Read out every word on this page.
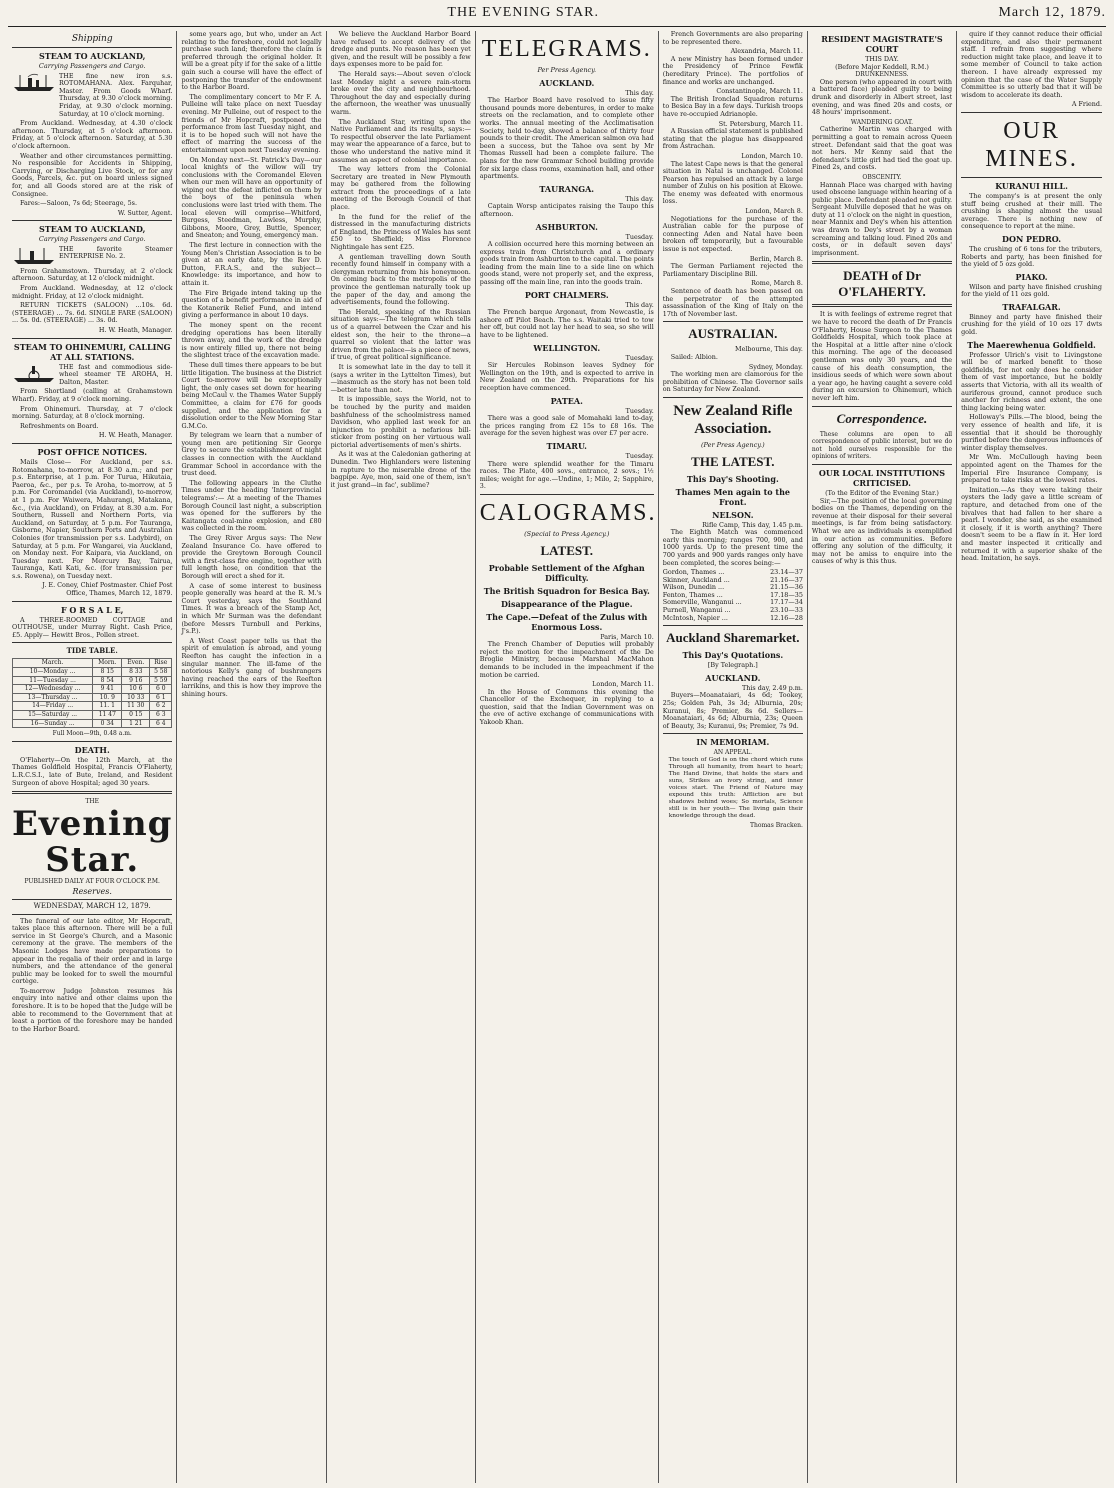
THE EVENING STAR.	March 12, 1879.
Shipping
STEAM TO AUCKLAND,
Carrying Passengers and Cargo.
THE fine new iron s.s. ROTOMAHANA. Alex. Farquhar, Master. From Goods Wharf. Thursday, at 9.30 o'clock morning. Friday, at 9.30 o'clock morning. Saturday, at 10 o'clock morning.

From Auckland. Wednesday, at 4.30 o'clock afternoon. Thursday, at 5 o'clock afternoon. Friday, at 5 o'clock afternoon. Saturday, at 5.30 o'clock afternoon.

Weather and other circumstances permitting. No responsible for Accidents in Shipping, Carrying, or Discharging Live Stock, or for any Goods, Parcels, &c. put on board unless signed for, and all Goods stored are at the risk of Consignee.

Fares:—Saloon, 7s 6d; Steerage, 5s.

W. Sutter, Agent.

STEAM TO AUCKLAND,
Carrying Passengers and Cargo.
THE favorite Steamer ENTERPRISE No. 2.

From Grahamstown. Thursday, at 2 o'clock afternoon. Saturday, at 12 o'clock midnight.

From Auckland. Wednesday, at 12 o'clock midnight. Friday, at 12 o'clock midnight.

RETURN TICKETS (SALOON) ...10s. 6d. (STEERAGE) ... 7s. 6d. SINGLE FARE (SALOON) ... 5s. 0d. (STEERAGE) ... 3s. 0d.

H. W. Heath, Manager.

STEAM TO OHINEMURI, CALLING AT ALL STATIONS.
THE fast and commodious side-wheel steamer TE AROHA, H. Dalton, Master.

From Shortland (calling at Grahamstown Wharf). Friday, at 9 o'clock morning.

From Ohinemuri. Thursday, at 7 o'clock morning. Saturday, at 8 o'clock morning.

Refreshments on Board.

H. W. Heath, Manager.

POST OFFICE NOTICES.

Mails Close— For Auckland, per s.s. Rotomahana, to-morrow, at 8.30 a.m.; and per p.s. Enterprise, at 1 p.m. For Turua, Hikutaia, Paeroa, &c., per p.s. Te Aroha, to-morrow, at 5 p.m. For Coromandel (via Auckland), to-morrow, at 1 p.m. For Waiwera, Mahurangi, Matakana, &c., (via Auckland), on Friday, at 8.30 a.m. For Southern, Russell and Northern Ports, via Auckland, on Saturday, at 5 p.m. For Tauranga, Gisborne, Napier, Southern Ports and Australian Colonies (for transmission per s.s. Ladybird), on Saturday, at 5 p.m. For Wangarei, via Auckland, on Monday next. For Kaipara, via Auckland, on Tuesday next. For Mercury Bay, Tairua, Tauranga, Kati Kati, &c. (for transmission per s.s. Rowena), on Tuesday next.

J. E. Coney, Chief Postmaster. Chief Post Office, Thames, March 12, 1879.

F O R S A L E,

A THREE-ROOMED COTTAGE and OUTHOUSE, under Murray Right. Cash Price, £5. Apply— Hewitt Bros., Pollen street.

TIDE TABLE.
March.	Morn.	Even.	Rise
10—Monday ...	8 15	8 33	5 58
11—Tuesday ...	8 54	9 16	5 59
12—Wednesday ...	9 41	10 6	6 0
13—Thursday ...	10. 9	10 33	6 1
14—Friday ...	11. 1	11 30	6 2
15—Saturday ...	11 47	0 15	6 3
16—Sunday ...	0 34	1 21	6 4
Full Moon—9th, 0.48 a.m.
DEATH.

O'Flaherty—On the 12th March, at the Thames Goldfield Hospital, Francis O'Flaherty, L.R.C.S.I., late of Bute, Ireland, and Resident Surgeon of above Hospital; aged 30 years.

THE
Evening Star.
PUBLISHED DAILY AT FOUR O'CLOCK P.M.
Reserves.
WEDNESDAY, MARCH 12, 1879.

The funeral of our late editor, Mr Hopcraft, takes place this afternoon. There will be a full service in St George's Church, and a Masonic ceremony at the grave. The members of the Masonic Lodges have made preparations to appear in the regalia of their order and in large numbers, and the attendance of the general public may be looked for to swell the mournful cortège.

To-morrow Judge Johnston resumes his enquiry into native and other claims upon the foreshore. It is to be hoped that the Judge will be able to recommend to the Government that at least a portion of the foreshore may be handed to the Harbor Board.

some years ago, but who, under an Act relating to the foreshore, could not legally purchase such land; therefore the claim is preferred through the original holder. It will be a great pity if for the sake of a little gain such a course will have the effect of postponing the transfer of the endowment to the Harbor Board.

The complimentary concert to Mr F. A. Pulleine will take place on next Tuesday evening. Mr Pulleine, out of respect to the friends of Mr Hopcraft, postponed the performance from last Tuesday night, and it is to be hoped such will not have the effect of marring the success of the entertainment upon next Tuesday evening.

On Monday next—St. Patrick's Day—our local knights of the willow will try conclusions with the Coromandel Eleven when our men will have an opportunity of wiping out the defeat inflicted on them by the boys of the peninsula when conclusions were last tried with them. The local eleven will comprise—Whitford, Burgess, Steedman, Lawless, Murphy, Gibbons, Moore, Grey, Buttle, Spencer, and Sneaton; and Young, emergency man.

The first lecture in connection with the Young Men's Christian Association is to be given at an early date, by the Rev D. Dutton, F.R.A.S., and the subject—Knowledge: its importance, and how to attain it.

The Fire Brigade intend taking up the question of a benefit performance in aid of the Kotanerik Relief Fund, and intend giving a performance in about 10 days.

The money spent on the recent dredging operations has been literally thrown away, and the work of the dredge is now entirely filled up, there not being the slightest trace of the excavation made.

These dull times there appears to be but little litigation. The business at the District Court to-morrow will be exceptionally light, the only cases set down for hearing being McCaul v. the Thames Water Supply Committee, a claim for £76 for goods supplied, and the application for a dissolution order to the New Morning Star G.M.Co.

By telegram we learn that a number of young men are petitioning Sir George Grey to secure the establishment of night classes in connection with the Auckland Grammar School in accordance with the trust deed.

The following appears in the Cluthe Times under the heading 'Interprovincial telegrams':— At a meeting of the Thames Borough Council last night, a subscription was opened for the sufferers by the Kaitangata coal-mine explosion, and £80 was collected in the room.

The Grey River Argus says: The New Zealand Insurance Co. have offered to provide the Greytown Borough Council with a first-class fire engine, together with full length hose, on condition that the Borough will erect a shed for it.

A case of some interest to business people generally was heard at the R. M.'s Court yesterday, says the Southland Times. It was a breach of the Stamp Act, in which Mr Surman was the defendant (before Messrs Turnbull and Perkins, J's.P.).

A West Coast paper tells us that the spirit of emulation is abroad, and young Reefton has caught the infection in a singular manner. The ill-fame of the notorious Kelly's gang of bushrangers having reached the ears of the Reefton larrikins, and this is how they improve the shining hours.

We believe the Auckland Harbor Board have refused to accept delivery of the dredge and punts. No reason has been yet given, and the result will be possibly a few days expenses more to be paid for.

The Herald says:—About seven o'clock last Monday night a severe rain-storm broke over the city and neighbourhood. Throughout the day and especially during the afternoon, the weather was unusually warm.

The Auckland Star, writing upon the Native Parliament and its results, says:—To respectful observer the late Parliament may wear the appearance of a farce, but to those who understand the native mind it assumes an aspect of colonial importance.

The way letters from the Colonial Secretary are treated in New Plymouth may be gathered from the following extract from the proceedings of a late meeting of the Borough Council of that place.

In the fund for the relief of the distressed in the manufacturing districts of England, the Princess of Wales has sent £50 to Sheffield; Miss Florence Nightingale has sent £25.

A gentleman travelling down South recently found himself in company with a clergyman returning from his honeymoon. On coming back to the metropolis of the province the gentleman naturally took up the paper of the day, and among the advertisements, found the following.

The Herald, speaking of the Russian situation says:—The telegram which tells us of a quarrel between the Czar and his eldest son, the heir to the throne—a quarrel so violent that the latter was driven from the palace—is a piece of news, if true, of great political significance.

It is somewhat late in the day to tell it (says a writer in the Lyttelton Times), but—inasmuch as the story has not been told—better late than not.

It is impossible, says the World, not to be touched by the purity and maiden bashfulness of the schoolmistress named Davidson, who applied last week for an injunction to prohibit a nefarious bill-sticker from posting on her virtuous wall pictorial advertisements of men's shirts.

As it was at the Caledonian gathering at Dunedin. Two Highlanders were listening in rapture to the miserable drone of the bagpipe. Aye, mon, said one of them, isn't it just grand—in fac', sublime?

TELEGRAMS.
Per Press Agency.
AUCKLAND.
This day.

The Harbor Board have resolved to issue fifty thousand pounds more debentures, in order to make streets on the reclamation, and to complete other works. The annual meeting of the Acclimatisation Society, held to-day, showed a balance of thirty four pounds to their credit. The American salmon ova had been a success, but the Tahoe ova sent by Mr Thomas Russell had been a complete failure. The plans for the new Grammar School building provide for six large class rooms, examination hall, and other apartments.

TAURANGA.
This day.

Captain Worsp anticipates raising the Taupo this afternoon.

ASHBURTON.
Tuesday.

A collision occurred here this morning between an express train from Christchurch and a ordinary goods train from Ashburton to the capital. The points leading from the main line to a side line on which goods stand, were not properly set, and the express, passing off the main line, ran into the goods train.

PORT CHALMERS.
This day.

The French barque Argonaut, from Newcastle, is ashore off Pilot Beach. The s.s. Waitaki tried to tow her off, but could not lay her head to sea, so she will have to be lightened.

WELLINGTON.
Tuesday.

Sir Hercules Robinson leaves Sydney for Wellington on the 19th, and is expected to arrive in New Zealand on the 29th. Preparations for his reception have commenced.

PATEA.
Tuesday.

There was a good sale of Momahaki land to-day, the prices ranging from £2 15s to £8 16s. The average for the seven highest was over £7 per acre.

TIMARU.
Tuesday.

There were splendid weather for the Timaru races. The Plate, 400 sovs., entrance, 2 sovs.; 1½ miles; weight for age.—Undine, 1; Milo, 2; Sapphire, 3.

CALOGRAMS.
(Special to Press Agency.)
LATEST.
Probable Settlement of the Afghan Difficulty.
The British Squadron for Besica Bay.
Disappearance of the Plague.
The Cape.—Defeat of the Zulus with Enormous Loss.
Paris, March 10.

The French Chamber of Deputies will probably reject the motion for the impeachment of the De Broglie Ministry, because Marshal MacMahon demands to be included in the impeachment if the motion be carried.

London, March 11.

In the House of Commons this evening the Chancellor of the Exchequer, in replying to a question, said that the Indian Government was on the eve of active exchange of communications with Yakoob Khan.

French Governments are also preparing to be represented there.

Alexandria, March 11.

A new Ministry has been formed under the Presidency of Prince Fewfik (hereditary Prince). The portfolios of finance and works are unchanged.

Constantinople, March 11.

The British Ironclad Squadron returns to Besica Bay in a few days. Turkish troops have re-occupied Adrianople.

St. Petersburg, March 11.

A Russian official statement is published stating that the plague has disappeared from Astrachan.

London, March 10.

The latest Cape news is that the general situation in Natal is unchanged. Colonel Pearson has repulsed an attack by a large number of Zulus on his position at Ekowe. The enemy was defeated with enormous loss.

London, March 8.

Negotiations for the purchase of the Australian cable for the purpose of connecting Aden and Natal have been broken off temporarily, but a favourable issue is not expected.

Berlin, March 8.

The German Parliament rejected the Parliamentary Discipline Bill.

Rome, March 8.

Sentence of death has been passed on the perpetrator of the attempted assassination of the King of Italy on the 17th of November last.

AUSTRALIAN.
Melbourne, This day.

Sailed: Albion.

Sydney, Monday.

The working men are clamorous for the prohibition of Chinese. The Governor sails on Saturday for New Zealand.

New Zealand Rifle Association.
(Per Press Agency.)
THE LATEST.
This Day's Shooting.
Thames Men again to the Front.
NELSON.
Rifle Camp, This day, 1.45 p.m.

The Eighth Match was commenced early this morning; ranges 700, 900, and 1000 yards. Up to the present time the 700 yards and 900 yards ranges only have been completed, the scores being:—

Gordon, Thames ...	23.14—37
Skinner, Auckland ...	21.16—37
Wilson, Dunedin ...	21.15—36
Fenton, Thames ...	17.18—35
Somerville, Wanganui ...	17.17—34
Purnell, Wanganui ...	23.10—33
McIntosh, Napier ...	12.16—28
Auckland Sharemarket.
This Day's Quotations.
[By Telegraph.]
AUCKLAND.
This day, 2.49 p.m.

Buyers—Moanataiari, 4s 6d; Tookey, 25s; Golden Pah, 3s 3d; Alburnia, 20s; Kuranui, 8s; Premier, 8s 6d. Sellers—Moanataiari, 4s 6d; Alburnia, 23s; Queen of Beauty, 3s; Kuranui, 9s; Premier, 7s 9d.

IN MEMORIAM.
AN APPEAL.

The touch of God is on the chord which runs Through all humanity, from heart to heart; The Hand Divine, that holds the stars and suns, Strikes an ivory string, and inner voices start. The Friend of Nature may expound this truth: Affliction are but shadows behind woes; So mortals, Science still is in her youth— The living gain their knowledge through the dead.

Thomas Bracken.
RESIDENT MAGISTRATE'S COURT
THIS DAY.
(Before Major Keddell, R.M.)
DRUNKENNESS.

One person (who appeared in court with a battered face) pleaded guilty to being drunk and disorderly in Albert street, last evening, and was fined 20s and costs, or 48 hours' imprisonment.

WANDERING GOAT.

Catherine Martin was charged with permitting a goat to remain across Queen street. Defendant said that the goat was not hers. Mr Kenny said that the defendant's little girl had tied the goat up. Fined 2s, and costs.

OBSCENITY.

Hannah Place was charged with having used obscene language within hearing of a public place. Defendant pleaded not guilty. Sergeant Mulville deposed that he was on duty at 11 o'clock on the night in question, near Mannix and Dey's when his attention was drawn to Dey's street by a woman screaming and talking loud. Fined 20s and costs, or in default seven days' imprisonment.

DEATH of Dr O'FLAHERTY.

It is with feelings of extreme regret that we have to record the death of Dr Francis O'Flaherty, House Surgeon to the Thames Goldfields Hospital, which took place at the Hospital at a little after nine o'clock this morning. The age of the deceased gentleman was only 30 years, and the cause of his death consumption, the insidious seeds of which were sown about a year ago, he having caught a severe cold during an excursion to Ohinemuri, which never left him.

Correspondence.

These columns are open to all correspondence of public interest, but we do not hold ourselves responsible for the opinions of writers.

OUR LOCAL INSTITUTIONS CRITICISED.
(To the Editor of the Evening Star.)

Sir,—The position of the local governing bodies on the Thames, depending on the revenue at their disposal for their several meetings, is far from being satisfactory. What we are as individuals is exemplified in our action as communities. Before offering any solution of the difficulty, it may not be amiss to enquire into the causes of why is this thus.

quire if they cannot reduce their official expenditure, and also their permanent staff. I refrain from suggesting where reduction might take place, and leave it to some member of Council to take action thereon. I have already expressed my opinion that the case of the Water Supply Committee is so utterly bad that it will be wisdom to accelerate its death.

A Friend.
OUR MINES.
KURANUI HILL.

The company's is at present the only stuff being crushed at their mill. The crushing is shaping almost the usual average. There is nothing new of consequence to report at the mine.

DON PEDRO.

The crushing of 6 tons for the tributers, Roberts and party, has been finished for the yield of 5 ozs gold.

PIAKO.

Wilson and party have finished crushing for the yield of 11 ozs gold.

TRAFALGAR.

Binney and party have finished their crushing for the yield of 10 ozs 17 dwts gold.

The Maerewhenua Goldfield.

Professor Ulrich's visit to Livingstone will be of marked benefit to those goldfields, for not only does he consider them of vast importance, but he boldly asserts that Victoria, with all its wealth of auriferous ground, cannot produce such another for richness and extent, the one thing lacking being water.

Holloway's Pills.—The blood, being the very essence of health and life, it is essential that it should be thoroughly purified before the dangerous influences of winter display themselves.

Mr Wm. McCullough having been appointed agent on the Thames for the Imperial Fire Insurance Company, is prepared to take risks at the lowest rates.

Imitation.—As they were taking their oysters the lady gave a little scream of rapture, and detached from one of the bivalves that had fallen to her share a pearl. I wonder, she said, as she examined it closely, if it is worth anything? There doesn't seem to be a flaw in it. Her lord and master inspected it critically and returned it with a superior shake of the head. Imitation, he says.
